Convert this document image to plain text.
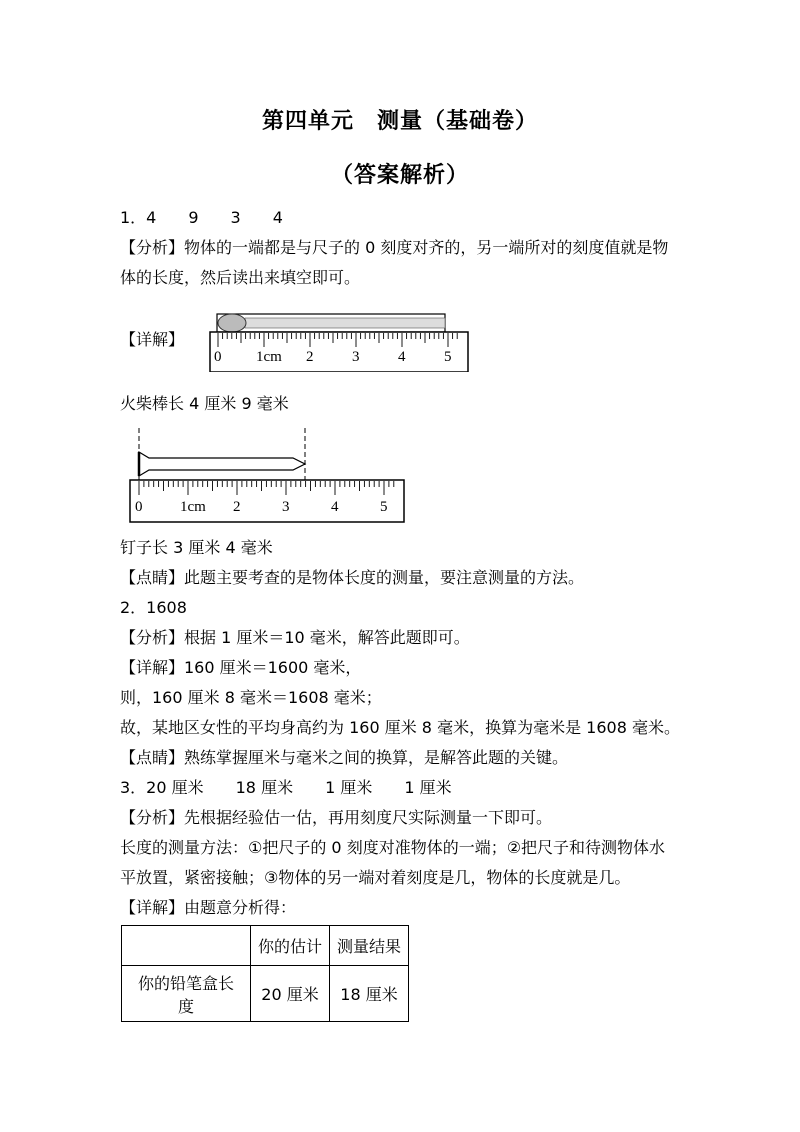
第四单元　测量（基础卷）
（答案解析）
1．4　　9　　3　　4
【分析】物体的一端都是与尺子的 0 刻度对齐的，另一端所对的刻度值就是物
体的长度，然后读出来填空即可。
【详解】
0 1cm 2	3	4	5
火柴棒长 4 厘米 9 毫米
0	1cm 2	3	4	5
钉子长 3 厘米 4 毫米
【点睛】此题主要考查的是物体长度的测量，要注意测量的方法。
2．1608
【分析】根据 1 厘米＝10 毫米，解答此题即可。
【详解】160 厘米＝1600 毫米，
则，160 厘米 8 毫米＝1608 毫米；
故，某地区女性的平均身高约为 160 厘米 8 毫米，换算为毫米是 1608 毫米。
【点睛】熟练掌握厘米与毫米之间的换算，是解答此题的关键。
3．20 厘米　　18 厘米　　1 厘米　　1 厘米
【分析】先根据经验估一估，再用刻度尺实际测量一下即可。
长度的测量方法：①把尺子的 0 刻度对准物体的一端；②把尺子和待测物体水
平放置，紧密接触；③物体的另一端对着刻度是几，物体的长度就是几。
【详解】由题意分析得：
	你的估计	测量结果

你的铅笔盒长
度	20 厘米	18 厘米
